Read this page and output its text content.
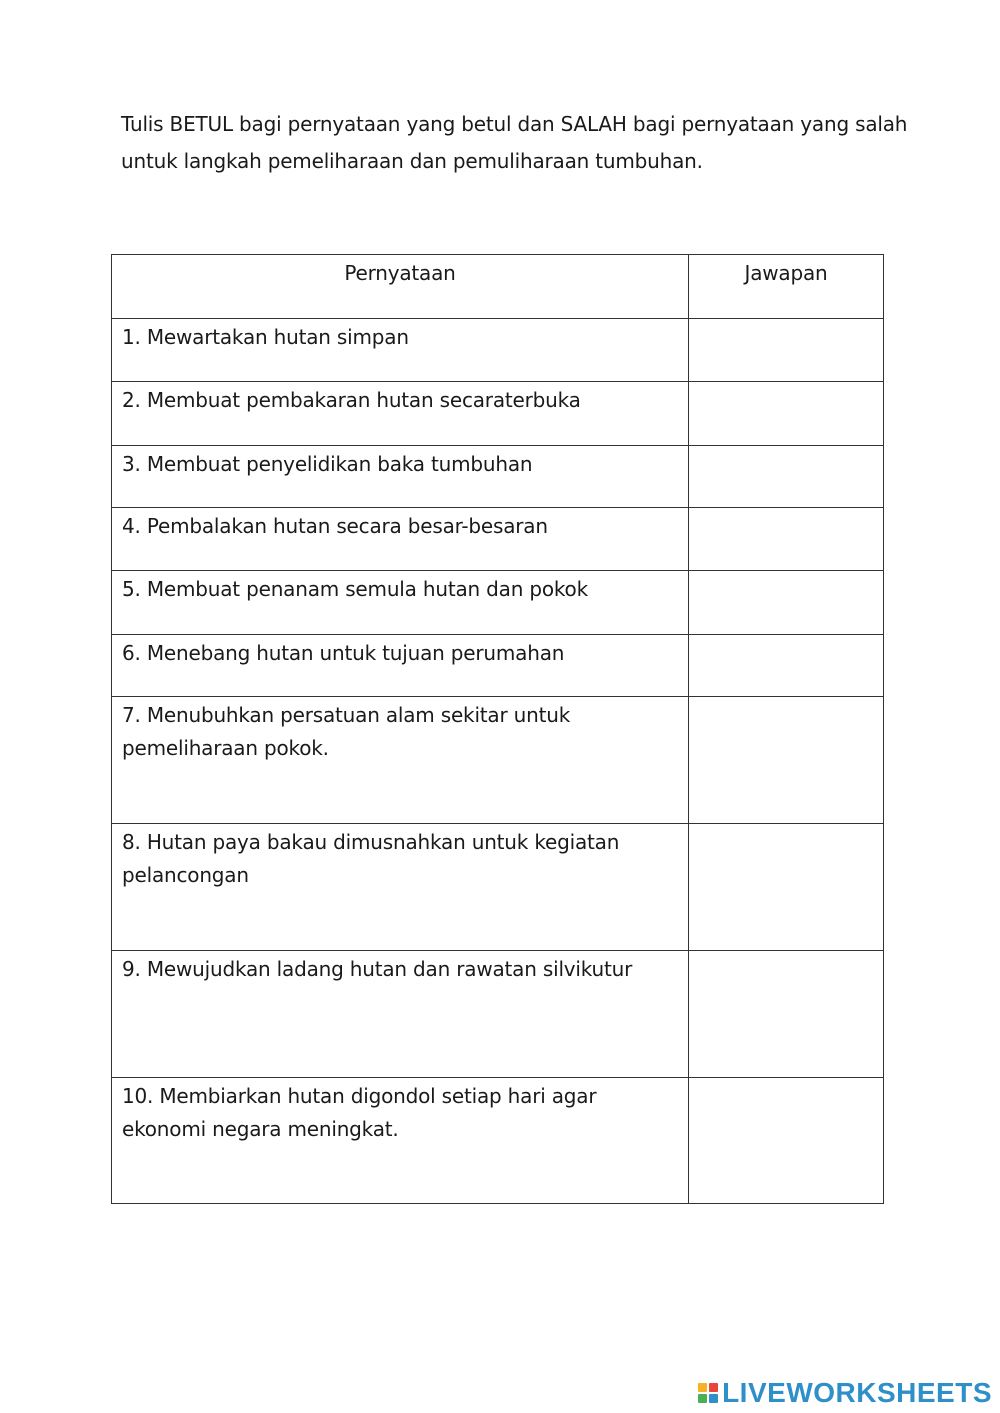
Tulis BETUL bagi pernyataan yang betul dan SALAH bagi pernyataan yang salah untuk langkah pemeliharaan dan pemuliharaan tumbuhan.

Pernyataan	Jawapan
1. Mewartakan hutan simpan	
2. Membuat pembakaran hutan secaraterbuka	
3. Membuat penyelidikan baka tumbuhan	
4. Pembalakan hutan secara besar-besaran	
5. Membuat penanam semula hutan dan pokok	
6. Menebang hutan untuk tujuan perumahan	
7. Menubuhkan persatuan alam sekitar untuk pemeliharaan pokok.	
8. Hutan paya bakau dimusnahkan untuk kegiatan pelancongan	
9. Mewujudkan ladang hutan dan rawatan silvikutur	
10. Membiarkan hutan digondol setiap hari agar ekonomi negara meningkat.	
LIVEWORKSHEETS
